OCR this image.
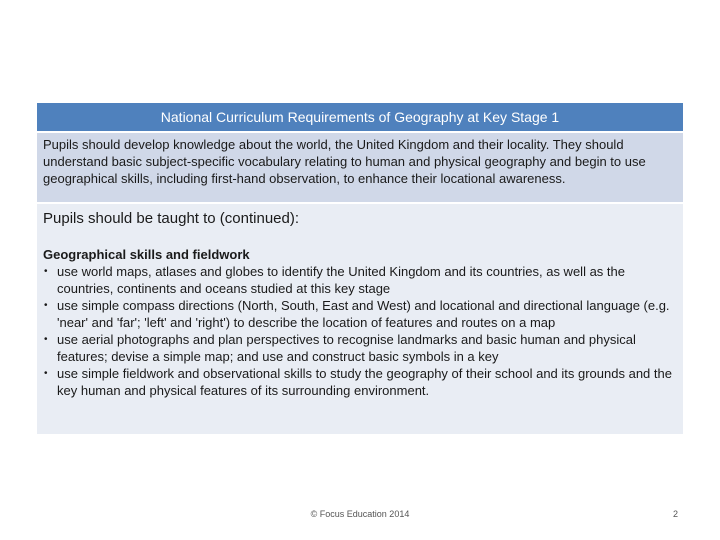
National Curriculum Requirements of Geography at Key Stage 1
Pupils should develop knowledge about the world, the United Kingdom and their locality. They should understand basic subject-specific vocabulary relating to human and physical geography and begin to use geographical skills, including first-hand observation, to enhance their locational awareness.

Pupils should be taught to (continued):

Geographical skills and fieldwork

• use world maps, atlases and globes to identify the United Kingdom and its countries, as well as the countries, continents and oceans studied at this key stage
• use simple compass directions (North, South, East and West) and locational and directional language (e.g. 'near' and 'far'; 'left' and 'right') to describe the location of features and routes on a map
• use aerial photographs and plan perspectives to recognise landmarks and basic human and physical features; devise a simple map; and use and construct basic symbols in a key
• use simple fieldwork and observational skills to study the geography of their school and its grounds and the key human and physical features of its surrounding environment.
© Focus Education 2014	2
